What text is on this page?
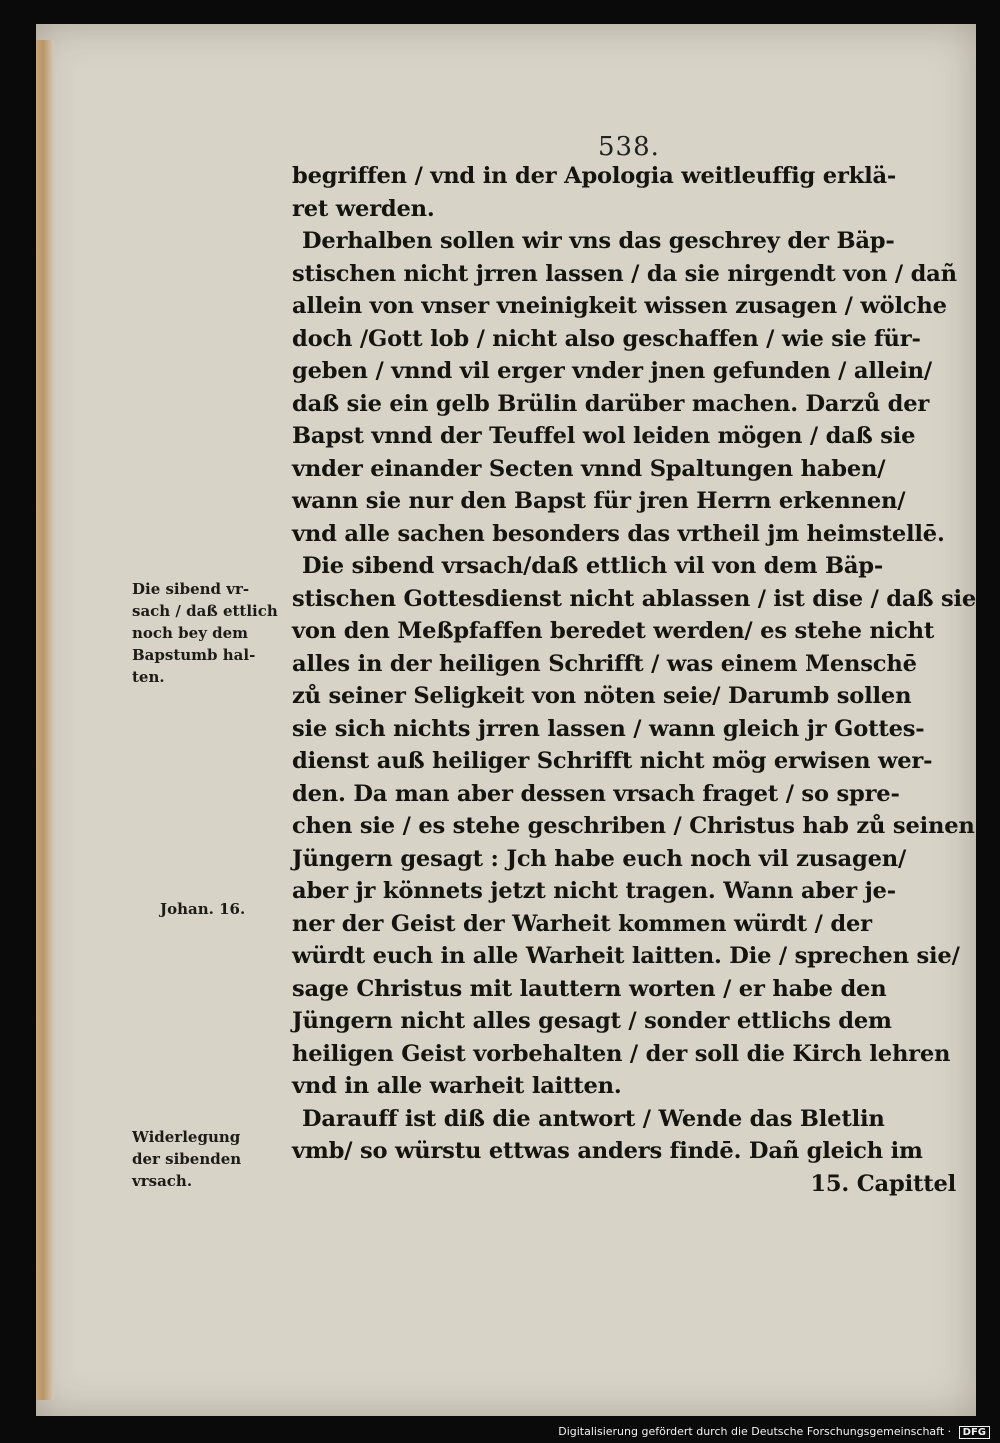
538.
begriffen / vnd in der Apologia weitleuffig erklä-
ret werden.
Derhalben sollen wir vns das geschrey der Bäp-
stischen nicht jrren lassen / da sie nirgendt von / dañ
allein von vnser vneinigkeit wissen zusagen / wölche
doch /Gott lob / nicht also geschaffen / wie sie für-
geben / vnnd vil erger vnder jnen gefunden / allein/
daß sie ein gelb Brülin darüber machen. Darzů der
Bapst vnnd der Teuffel wol leiden mögen / daß sie
vnder einander Secten vnnd Spaltungen haben/
wann sie nur den Bapst für jren Herrn erkennen/
vnd alle sachen besonders das vrtheil jm heimstellē.
Die sibend vrsach/daß ettlich vil von dem Bäp-
stischen Gottesdienst nicht ablassen / ist dise / daß sie
von den Meßpfaffen beredet werden/ es stehe nicht
alles in der heiligen Schrifft / was einem Menschē
zů seiner Seligkeit von nöten seie/ Darumb sollen
sie sich nichts jrren lassen / wann gleich jr Gottes-
dienst auß heiliger Schrifft nicht mög erwisen wer-
den. Da man aber dessen vrsach fraget / so spre-
chen sie / es stehe geschriben / Christus hab zů seinen
Jüngern gesagt : Jch habe euch noch vil zusagen/
aber jr könnets jetzt nicht tragen. Wann aber je-
ner der Geist der Warheit kommen würdt / der
würdt euch in alle Warheit laitten. Die / sprechen sie/
sage Christus mit lauttern worten / er habe den
Jüngern nicht alles gesagt / sonder ettlichs dem
heiligen Geist vorbehalten / der soll die Kirch lehren
vnd in alle warheit laitten.
Darauff ist diß die antwort / Wende das Bletlin
vmb/ so würstu ettwas anders findē. Dañ gleich im
15. Capittel
Die sibend vr-
sach / daß ettlich
noch bey dem
Bapstumb hal-
ten.
Johan. 16.
Widerlegung
der sibenden
vrsach.
Digitalisierung gefördert durch die Deutsche Forschungsgemeinschaft · DFG
